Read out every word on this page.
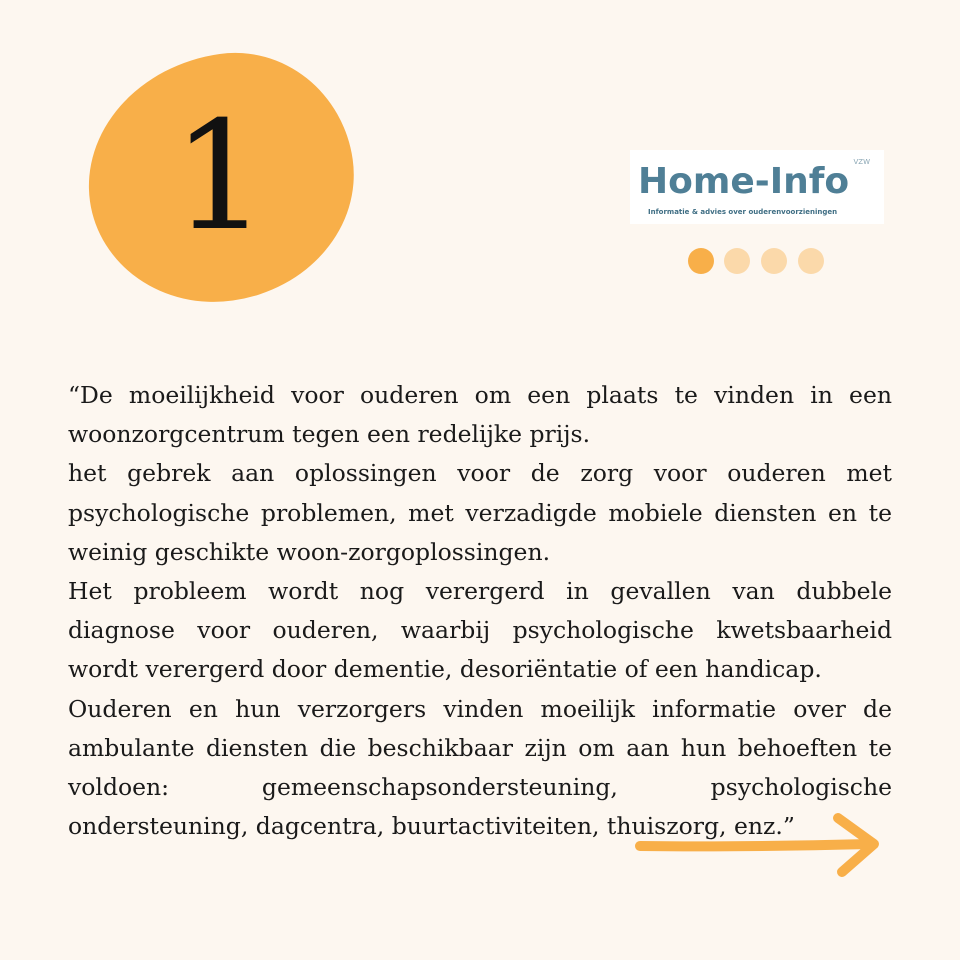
1	Home-Info VZW
Informatie & advies over ouderenvoorzieningen

“De moeilijkheid voor ouderen om een plaats te vinden in een woonzorgcentrum tegen een redelijke prijs.

het gebrek aan oplossingen voor de zorg voor ouderen met psychologische problemen, met verzadigde mobiele diensten en te weinig geschikte woon-zorgoplossingen.

Het probleem wordt nog verergerd in gevallen van dubbele diagnose voor ouderen, waarbij psychologische kwetsbaarheid wordt verergerd door dementie, desoriëntatie of een handicap.

Ouderen en hun verzorgers vinden moeilijk informatie over de ambulante diensten die beschikbaar zijn om aan hun behoeften te voldoen: gemeenschapsondersteuning, psychologische ondersteuning, dagcentra, buurtactiviteiten, thuiszorg, enz.”
